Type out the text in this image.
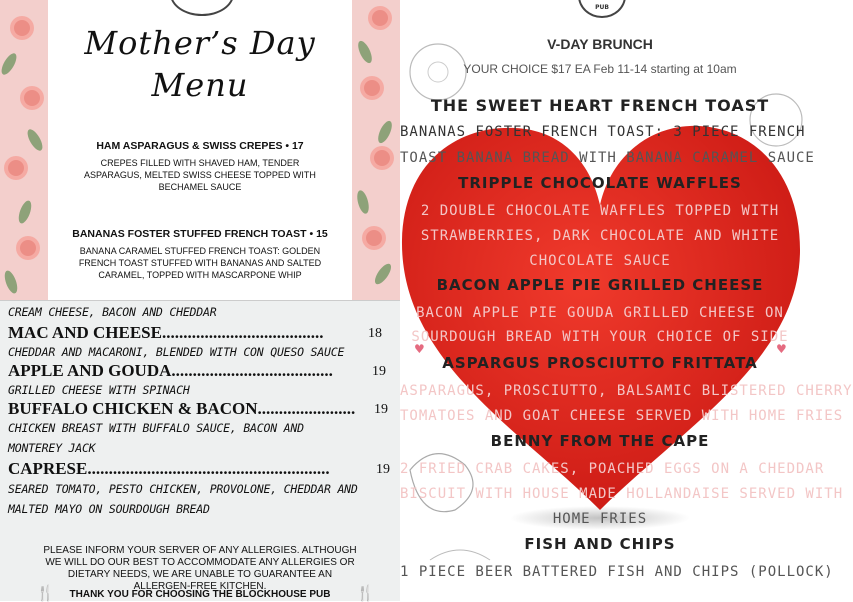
Mother’s Day
Menu
HAM ASPARAGUS & SWISS CREPES • 17
CREPES FILLED WITH SHAVED HAM, TENDER
ASPARAGUS, MELTED SWISS CHEESE TOPPED WITH
BECHAMEL SAUCE
BANANAS FOSTER STUFFED FRENCH TOAST • 15
BANANA CARAMEL STUFFED FRENCH TOAST: GOLDEN
FRENCH TOAST STUFFED WITH BANANAS AND SALTED
CARAMEL, TOPPED WITH MASCARPONE WHIP
CREAM CHEESE, BACON AND CHEDDAR
MAC AND CHEESE......................................	18
CHEDDAR AND MACARONI, BLENDED WITH CON QUESO SAUCE
APPLE AND GOUDA......................................	19
GRILLED CHEESE WITH SPINACH
BUFFALO CHICKEN & BACON....................... 19
CHICKEN BREAST WITH BUFFALO SAUCE, BACON AND
MONTEREY JACK
CAPRESE.........................................................	19
SEARED TOMATO, PESTO CHICKEN, PROVOLONE, CHEDDAR AND
MALTED MAYO ON SOURDOUGH BREAD
PLEASE INFORM YOUR SERVER OF ANY ALLERGIES. ALTHOUGH
WE WILL DO OUR BEST TO ACCOMMODATE ANY ALLERGIES OR
DIETARY NEEDS, WE ARE UNABLE TO GUARANTEE AN
ALLERGEN-FREE KITCHEN.
🍴	THANK YOU FOR CHOOSING THE BLOCKHOUSE PUB	🍴
PUB
V-DAY BRUNCH
YOUR CHOICE $17 EA Feb 11-14 starting at 10am
THE SWEET HEART FRENCH TOAST
BANANAS FOSTER FRENCH TOAST: 3 PIECE FRENCH
TOAST BANANA BREAD WITH BANANA CARAMEL SAUCE
TRIPPLE CHOCOLATE WAFFLES
2 DOUBLE CHOCOLATE WAFFLES TOPPED WITH
STRAWBERRIES, DARK CHOCOLATE AND WHITE
CHOCOLATE SAUCE
BACON APPLE PIE GRILLED CHEESE
BACON APPLE PIE GOUDA GRILLED CHEESE ON
SOURDOUGH BREAD WITH YOUR CHOICE OF SIDE
♥	♥
ASPARGUS PROSCIUTTO FRITTATA
ASPARAGUS, PROSCIUTTO, BALSAMIC BLISTERED CHERRY
TOMATOES AND GOAT CHEESE SERVED WITH HOME FRIES
BENNY FROM THE CAPE
2 FRIED CRAB CAKES, POACHED EGGS ON A CHEDDAR
BISCUIT WITH HOUSE MADE HOLLANDAISE SERVED WITH
HOME FRIES
FISH AND CHIPS
1 PIECE BEER BATTERED FISH AND CHIPS (POLLOCK)
